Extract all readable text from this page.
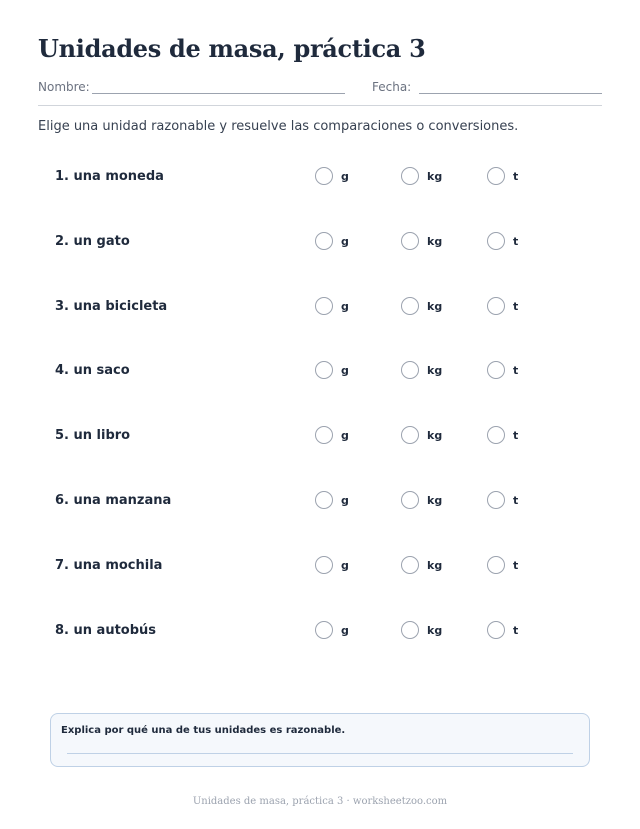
Unidades de masa, práctica 3
Nombre:	Fecha:
Elige una unidad razonable y resuelve las comparaciones o conversiones.
1. una moneda	g	kg	t
2. un gato	g	kg	t
3. una bicicleta	g	kg	t
4. un saco	g	kg	t
5. un libro	g	kg	t
6. una manzana	g	kg	t
7. una mochila	g	kg	t
8. un autobús	g	kg	t
Explica por qué una de tus unidades es razonable.
Unidades de masa, práctica 3 · worksheetzoo.com
